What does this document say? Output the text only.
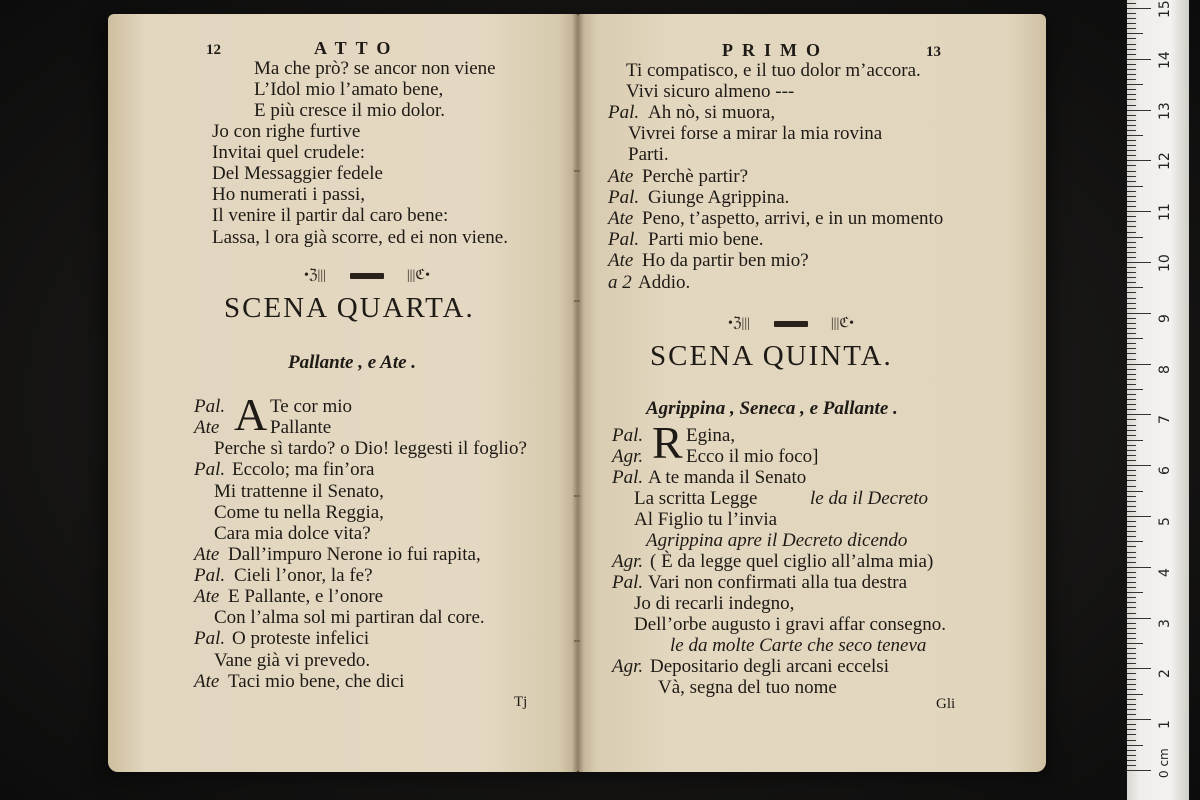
12	ATTO
Ma che prò? se ancor non viene
L’Idol mio l’amato bene,
E più cresce il mio dolor.
Jo con righe furtive
Invitai quel crudele:
Del Messaggier fedele
Ho numerati i passi,
Il venire il partir dal caro bene:
Lassa, l ora già scorre, ed ei non viene.
•ℨ|||	|||ℭ•
SCENA QUARTA.
Pallante , e Ate .
A
Pal. Te cor mio
Ate	Pallante
Perche sì tardo? o Dio! leggesti il foglio?
Pal. Eccolo; ma fin’ora
Mi trattenne il Senato,
Come tu nella Reggia,
Cara mia dolce vita?
Ate Dall’impuro Nerone io fui rapita,
Pal. Cieli l’onor, la fe?
Ate E Pallante, e l’onore
Con l’alma sol mi partiran dal core.
Pal. O proteste infelici
Vane già vi prevedo.
Ate Taci mio bene, che dici
Tj
PRIMO	13
Ti compatisco, e il tuo dolor m’accora.
Vivi sicuro almeno ---
Pal. Ah nò, si muora,
Vivrei forse a mirar la mia rovina
Parti.
Ate Perchè partir?
Pal. Giunge Agrippina.
Ate Peno, t’aspetto, arrivi, e in un momento
Pal. Parti mio bene.
Ate Ho da partir ben mio?
a 2 Addio.
•ℨ|||	|||ℭ•
SCENA QUINTA.
Agrippina , Seneca , e Pallante .
R
Pal. Egina,
Agr. Ecco il mio foco]
Pal. A te manda il Senato
La scritta Legge	le da il Decreto
Al Figlio tu l’invia
Agrippina apre il Decreto dicendo
Agr. ( È da legge quel ciglio all’alma mia)
Pal. Vari non confirmati alla tua destra
Jo di recarli indegno,
Dell’orbe augusto i gravi affar consegno.
le da molte Carte che seco teneva
Agr. Depositario degli arcani eccelsi
Và, segna del tuo nome
Gli
0 cm
1
2
3
4
5
6
7
8
9
10
11
12
13
14
15
